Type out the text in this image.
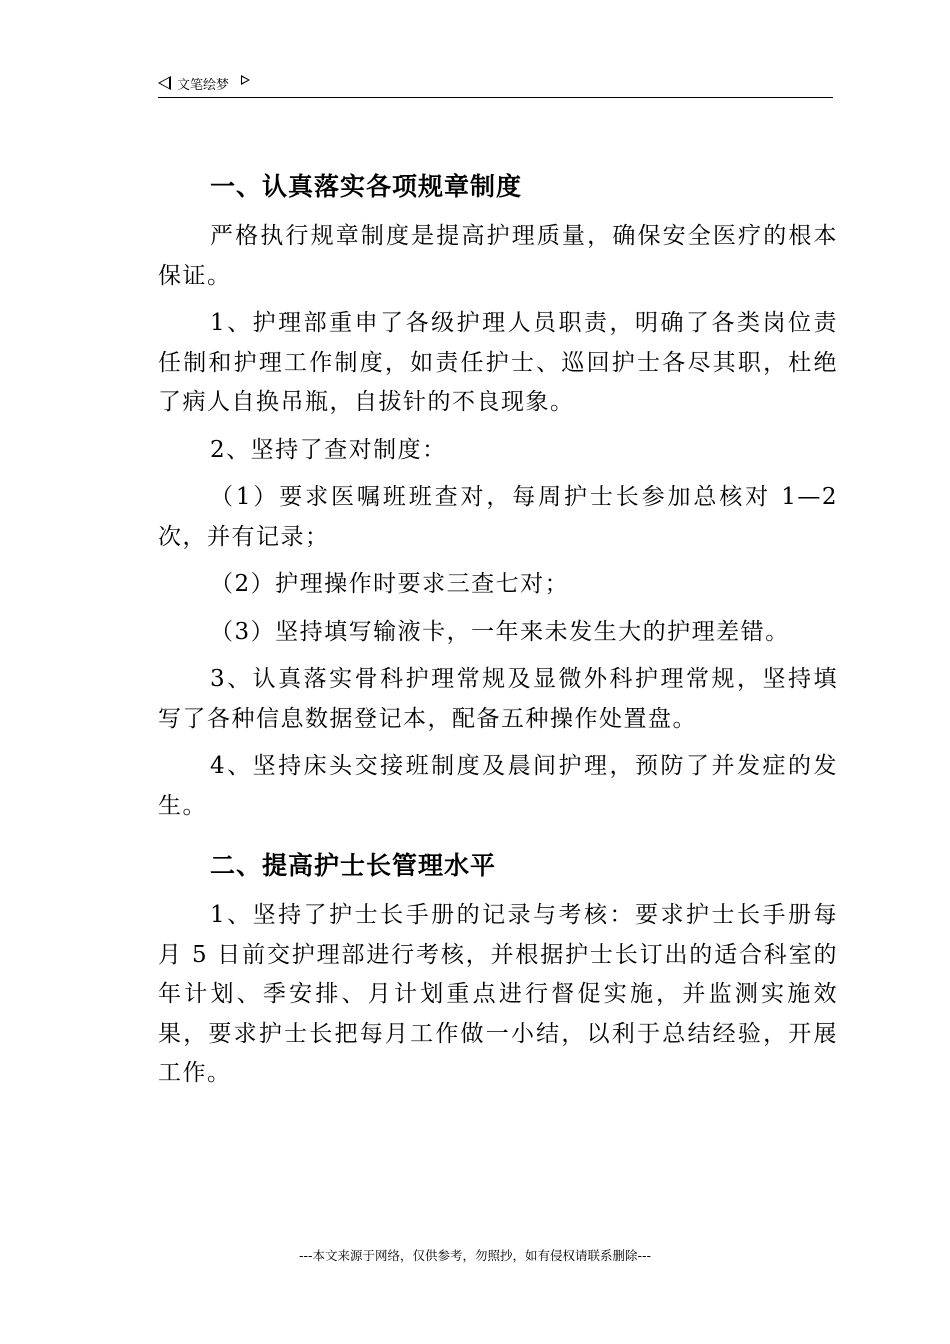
文笔绘梦
一、认真落实各项规章制度

严格执行规章制度是提高护理质量，确保安全医疗的根本保证。

1、护理部重申了各级护理人员职责，明确了各类岗位责任制和护理工作制度，如责任护士、巡回护士各尽其职，杜绝了病人自换吊瓶，自拔针的不良现象。

2、坚持了查对制度：

（1）要求医嘱班班查对，每周护士长参加总核对 1—2 次，并有记录；

（2）护理操作时要求三查七对；

（3）坚持填写输液卡，一年来未发生大的护理差错。

3、认真落实骨科护理常规及显微外科护理常规，坚持填写了各种信息数据登记本，配备五种操作处置盘。

4、坚持床头交接班制度及晨间护理，预防了并发症的发生。

二、提高护士长管理水平

1、坚持了护士长手册的记录与考核：要求护士长手册每月 5 日前交护理部进行考核，并根据护士长订出的适合科室的年计划、季安排、月计划重点进行督促实施，并监测实施效果，要求护士长把每月工作做一小结，以利于总结经验，开展工作。

---本文来源于网络，仅供参考，勿照抄，如有侵权请联系删除---
